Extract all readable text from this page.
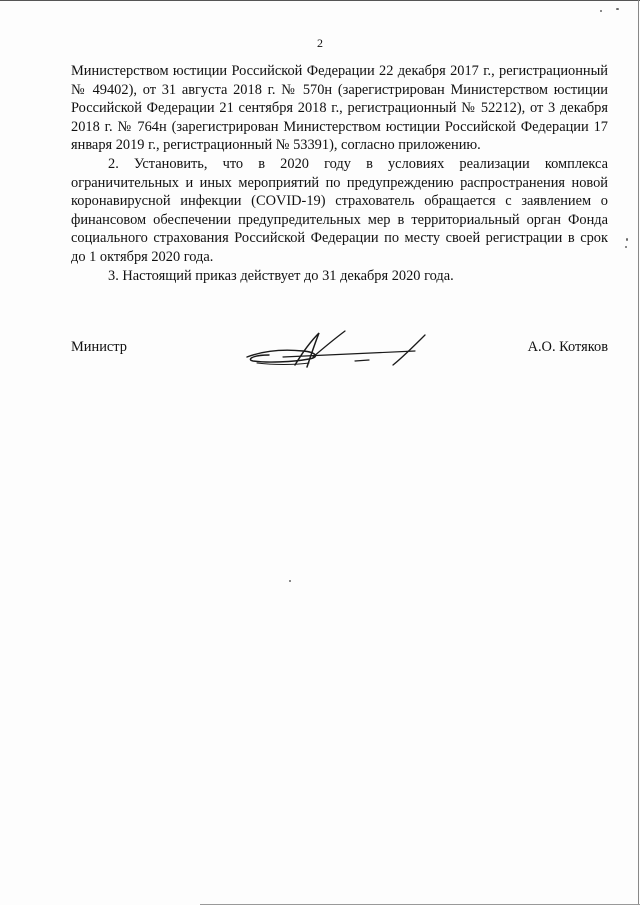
2

Министерством юстиции Российской Федерации 22 декабря 2017 г., регистрационный № 49402), от 31 августа 2018 г. № 570н (зарегистрирован Министерством юстиции Российской Федерации 21 сентября 2018 г., регистрационный № 52212), от 3 декабря 2018 г. № 764н (зарегистрирован Министерством юстиции Российской Федерации 17 января 2019 г., регистрационный № 53391), согласно приложению.

2. Установить, что в 2020 году в условиях реализации комплекса ограничительных и иных мероприятий по предупреждению распространения новой коронавирусной инфекции (COVID-19) страхователь обращается с заявлением о финансовом обеспечении предупредительных мер в территориальный орган Фонда социального страхования Российской Федерации по месту своей регистрации в срок до 1 октября 2020 года.

3. Настоящий приказ действует до 31 декабря 2020 года.

Министр	А.О. Котяков
